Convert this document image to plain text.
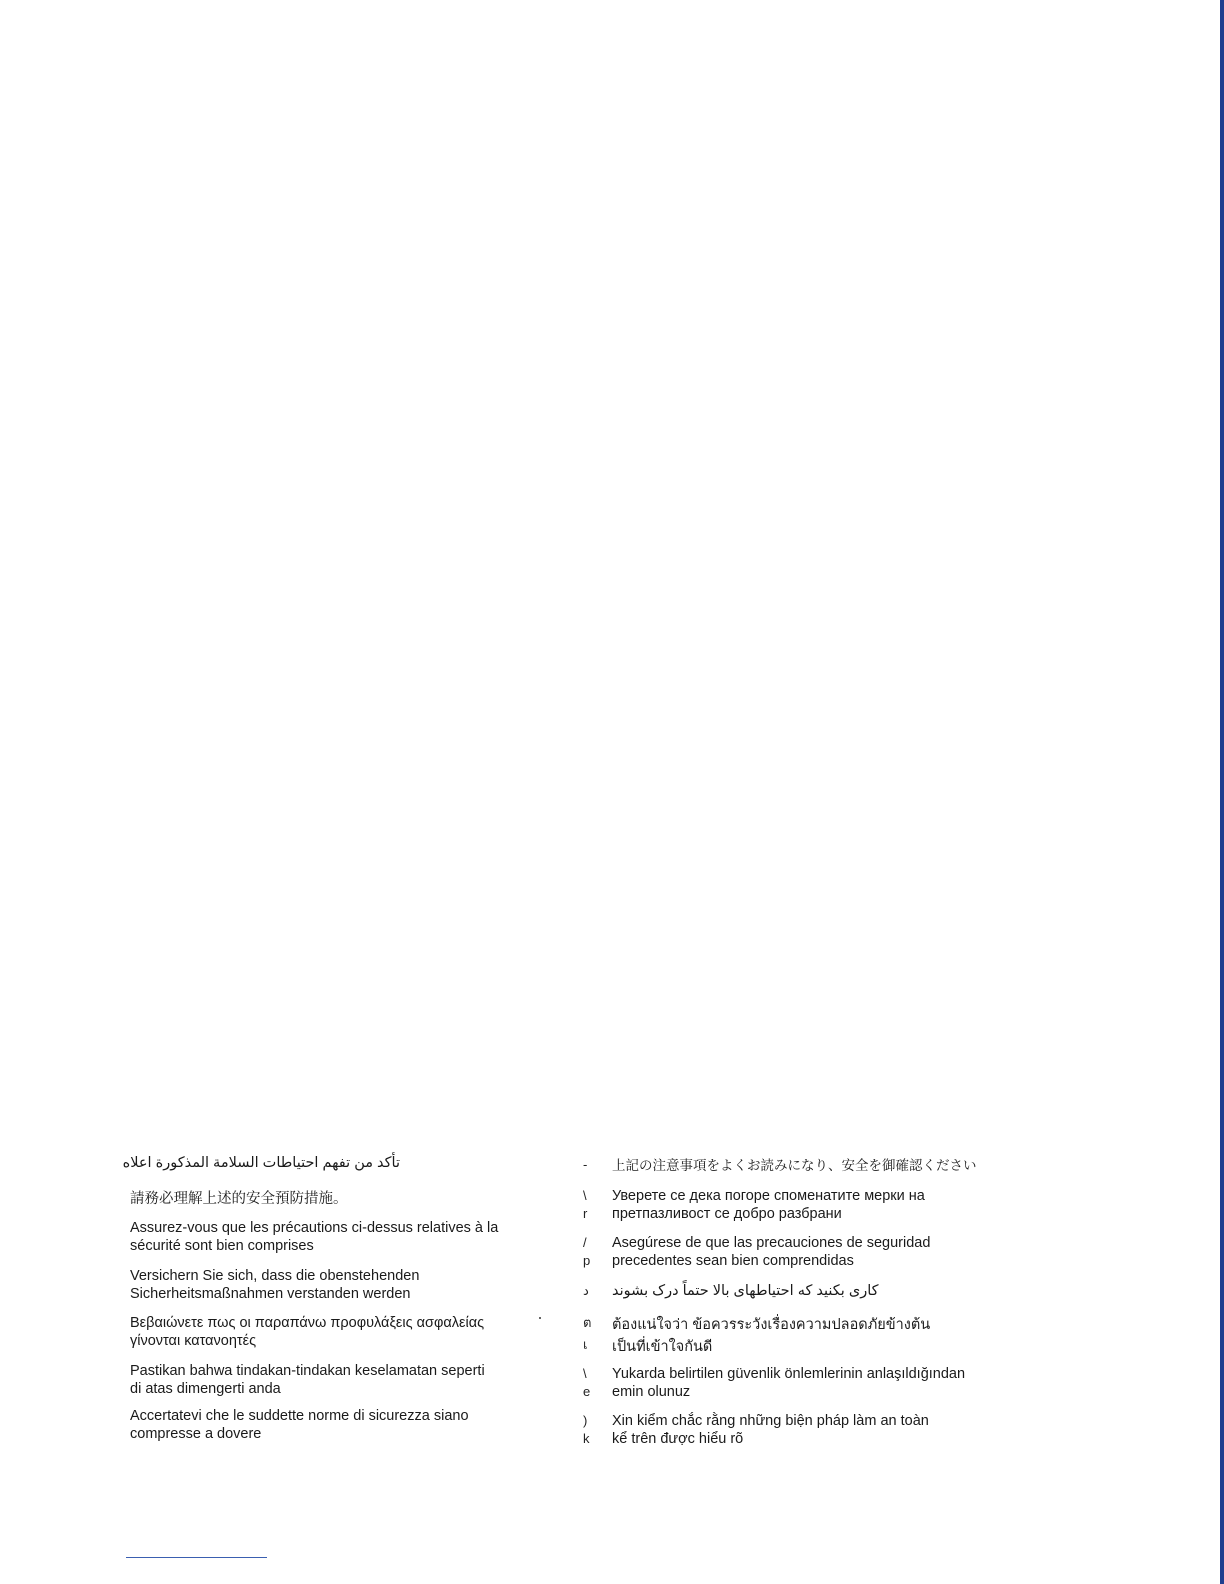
تأكد من تفهم احتياطات السلامة المذكورة اعلاه
請務必理解上述的安全預防措施。
Assurez-vous que les précautions ci-dessus relatives à la
sécurité sont bien comprises
Versichern Sie sich, dass die obenstehenden
Sicherheitsmaßnahmen verstanden werden
Βεβαιώνετε πως οι παραπάνω προφυλάξεις ασφαλείας
γίνονται κατανοητές
Pastikan bahwa tindakan-tindakan keselamatan seperti
di atas dimengerti anda
Accertatevi che le suddette norme di sicurezza siano
compresse a dovere
-
\
r
/
p
د
ต
เ
\
e
)
k
上記の注意事項をよくお読みになり、安全を御確認ください
Уверете се дека погоре споменатите мерки на
претпазливост се добро разбрани
Asegúrese de que las precauciones de seguridad
precedentes sean bien comprendidas
کاری بکنید که احتیاطهای بالا حتماً درک بشوند
ต้องแน่ใจว่า ข้อควรระวังเรื่องความปลอดภัยข้างต้น
เป็นที่เข้าใจกันดี
Yukarda belirtilen güvenlik önlemlerinin anlaşıldığından
emin olunuz
Xin kiểm chắc rằng những biện pháp làm an toàn
kể trên được hiểu rõ
